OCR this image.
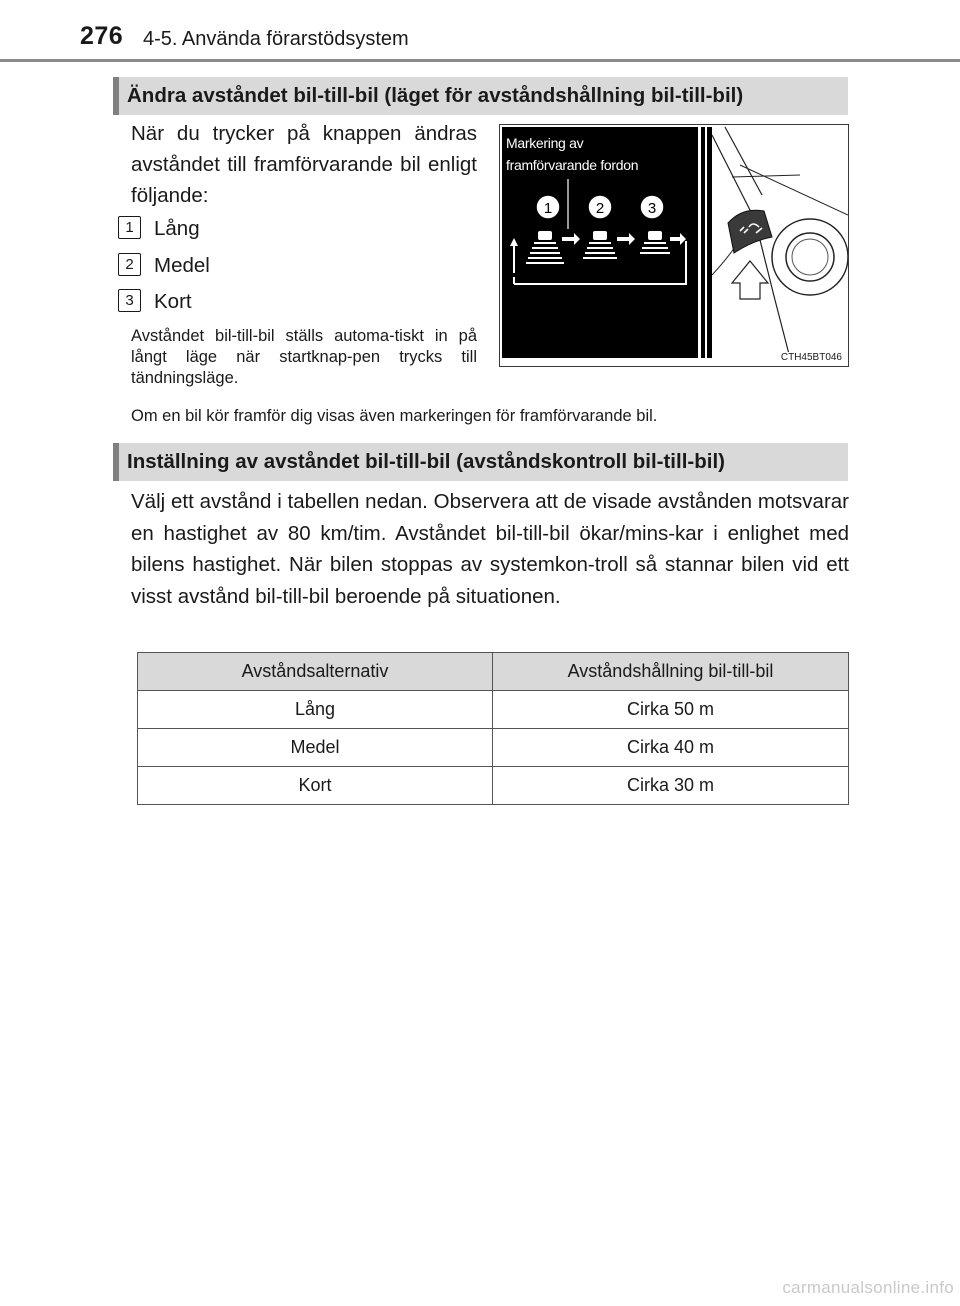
276 4-5. Använda förarstödsystem
Ändra avståndet bil-till-bil (läget för avståndshållning bil-till-bil)
När du trycker på knappen ändras avståndet till framförvarande bil enligt följande:
1 Lång
2 Medel
3 Kort
Avståndet bil-till-bil ställs automa-tiskt in på långt läge när startknap-pen trycks till tändningsläge.
Om en bil kör framför dig visas även markeringen för framförvarande bil.
1	2	3
Markering av
framförvarande fordon
CTH45BT046
Inställning av avståndet bil-till-bil (avståndskontroll bil-till-bil)
Välj ett avstånd i tabellen nedan. Observera att de visade avstånden motsvarar en hastighet av 80 km/tim. Avståndet bil-till-bil ökar/mins-kar i enlighet med bilens hastighet. När bilen stoppas av systemkon-troll så stannar bilen vid ett visst avstånd bil-till-bil beroende på situationen.
Avståndsalternativ	Avståndshållning bil-till-bil
Lång	Cirka 50 m
Medel	Cirka 40 m
Kort	Cirka 30 m
carmanualsonline.info
